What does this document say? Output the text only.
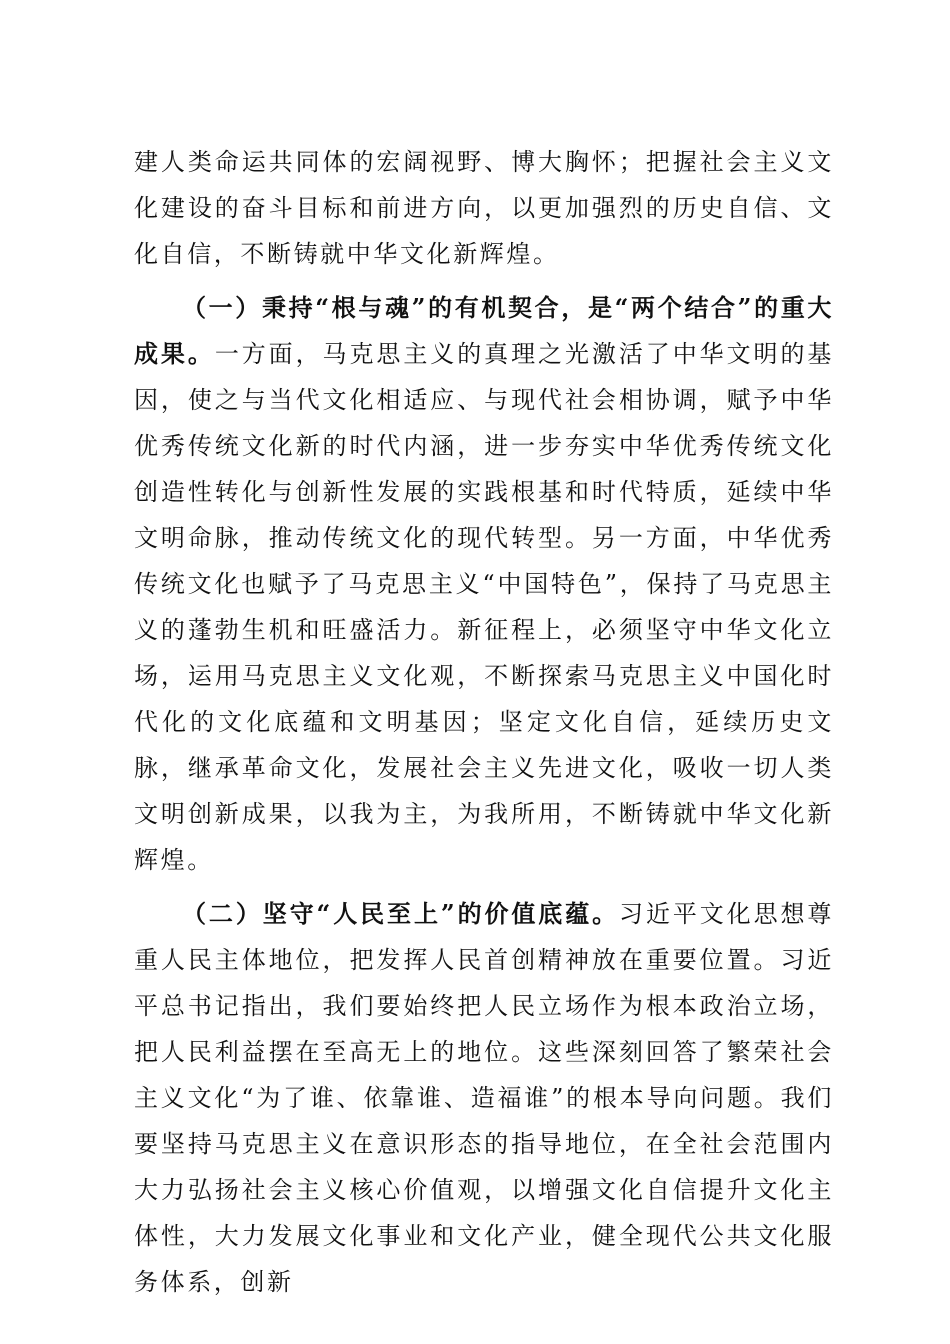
建人类命运共同体的宏阔视野、博大胸怀；把握社会主义文化建设的奋斗目标和前进方向，以更加强烈的历史自信、文化自信，不断铸就中华文化新辉煌。

（一）秉持“根与魂”的有机契合，是“两个结合”的重大成果。一方面，马克思主义的真理之光激活了中华文明的基因，使之与当代文化相适应、与现代社会相协调，赋予中华优秀传统文化新的时代内涵，进一步夯实中华优秀传统文化创造性转化与创新性发展的实践根基和时代特质，延续中华文明命脉，推动传统文化的现代转型。另一方面，中华优秀传统文化也赋予了马克思主义“中国特色”，保持了马克思主义的蓬勃生机和旺盛活力。新征程上，必须坚守中华文化立场，运用马克思主义文化观，不断探索马克思主义中国化时代化的文化底蕴和文明基因；坚定文化自信，延续历史文脉，继承革命文化，发展社会主义先进文化，吸收一切人类文明创新成果，以我为主，为我所用，不断铸就中华文化新辉煌。

（二）坚守“人民至上”的价值底蕴。习近平文化思想尊重人民主体地位，把发挥人民首创精神放在重要位置。习近平总书记指出，我们要始终把人民立场作为根本政治立场，把人民利益摆在至高无上的地位。这些深刻回答了繁荣社会主义文化“为了谁、依靠谁、造福谁”的根本导向问题。我们要坚持马克思主义在意识形态的指导地位，在全社会范围内大力弘扬社会主义核心价值观，以增强文化自信提升文化主体性，大力发展文化事业和文化产业，健全现代公共文化服务体系，创新
